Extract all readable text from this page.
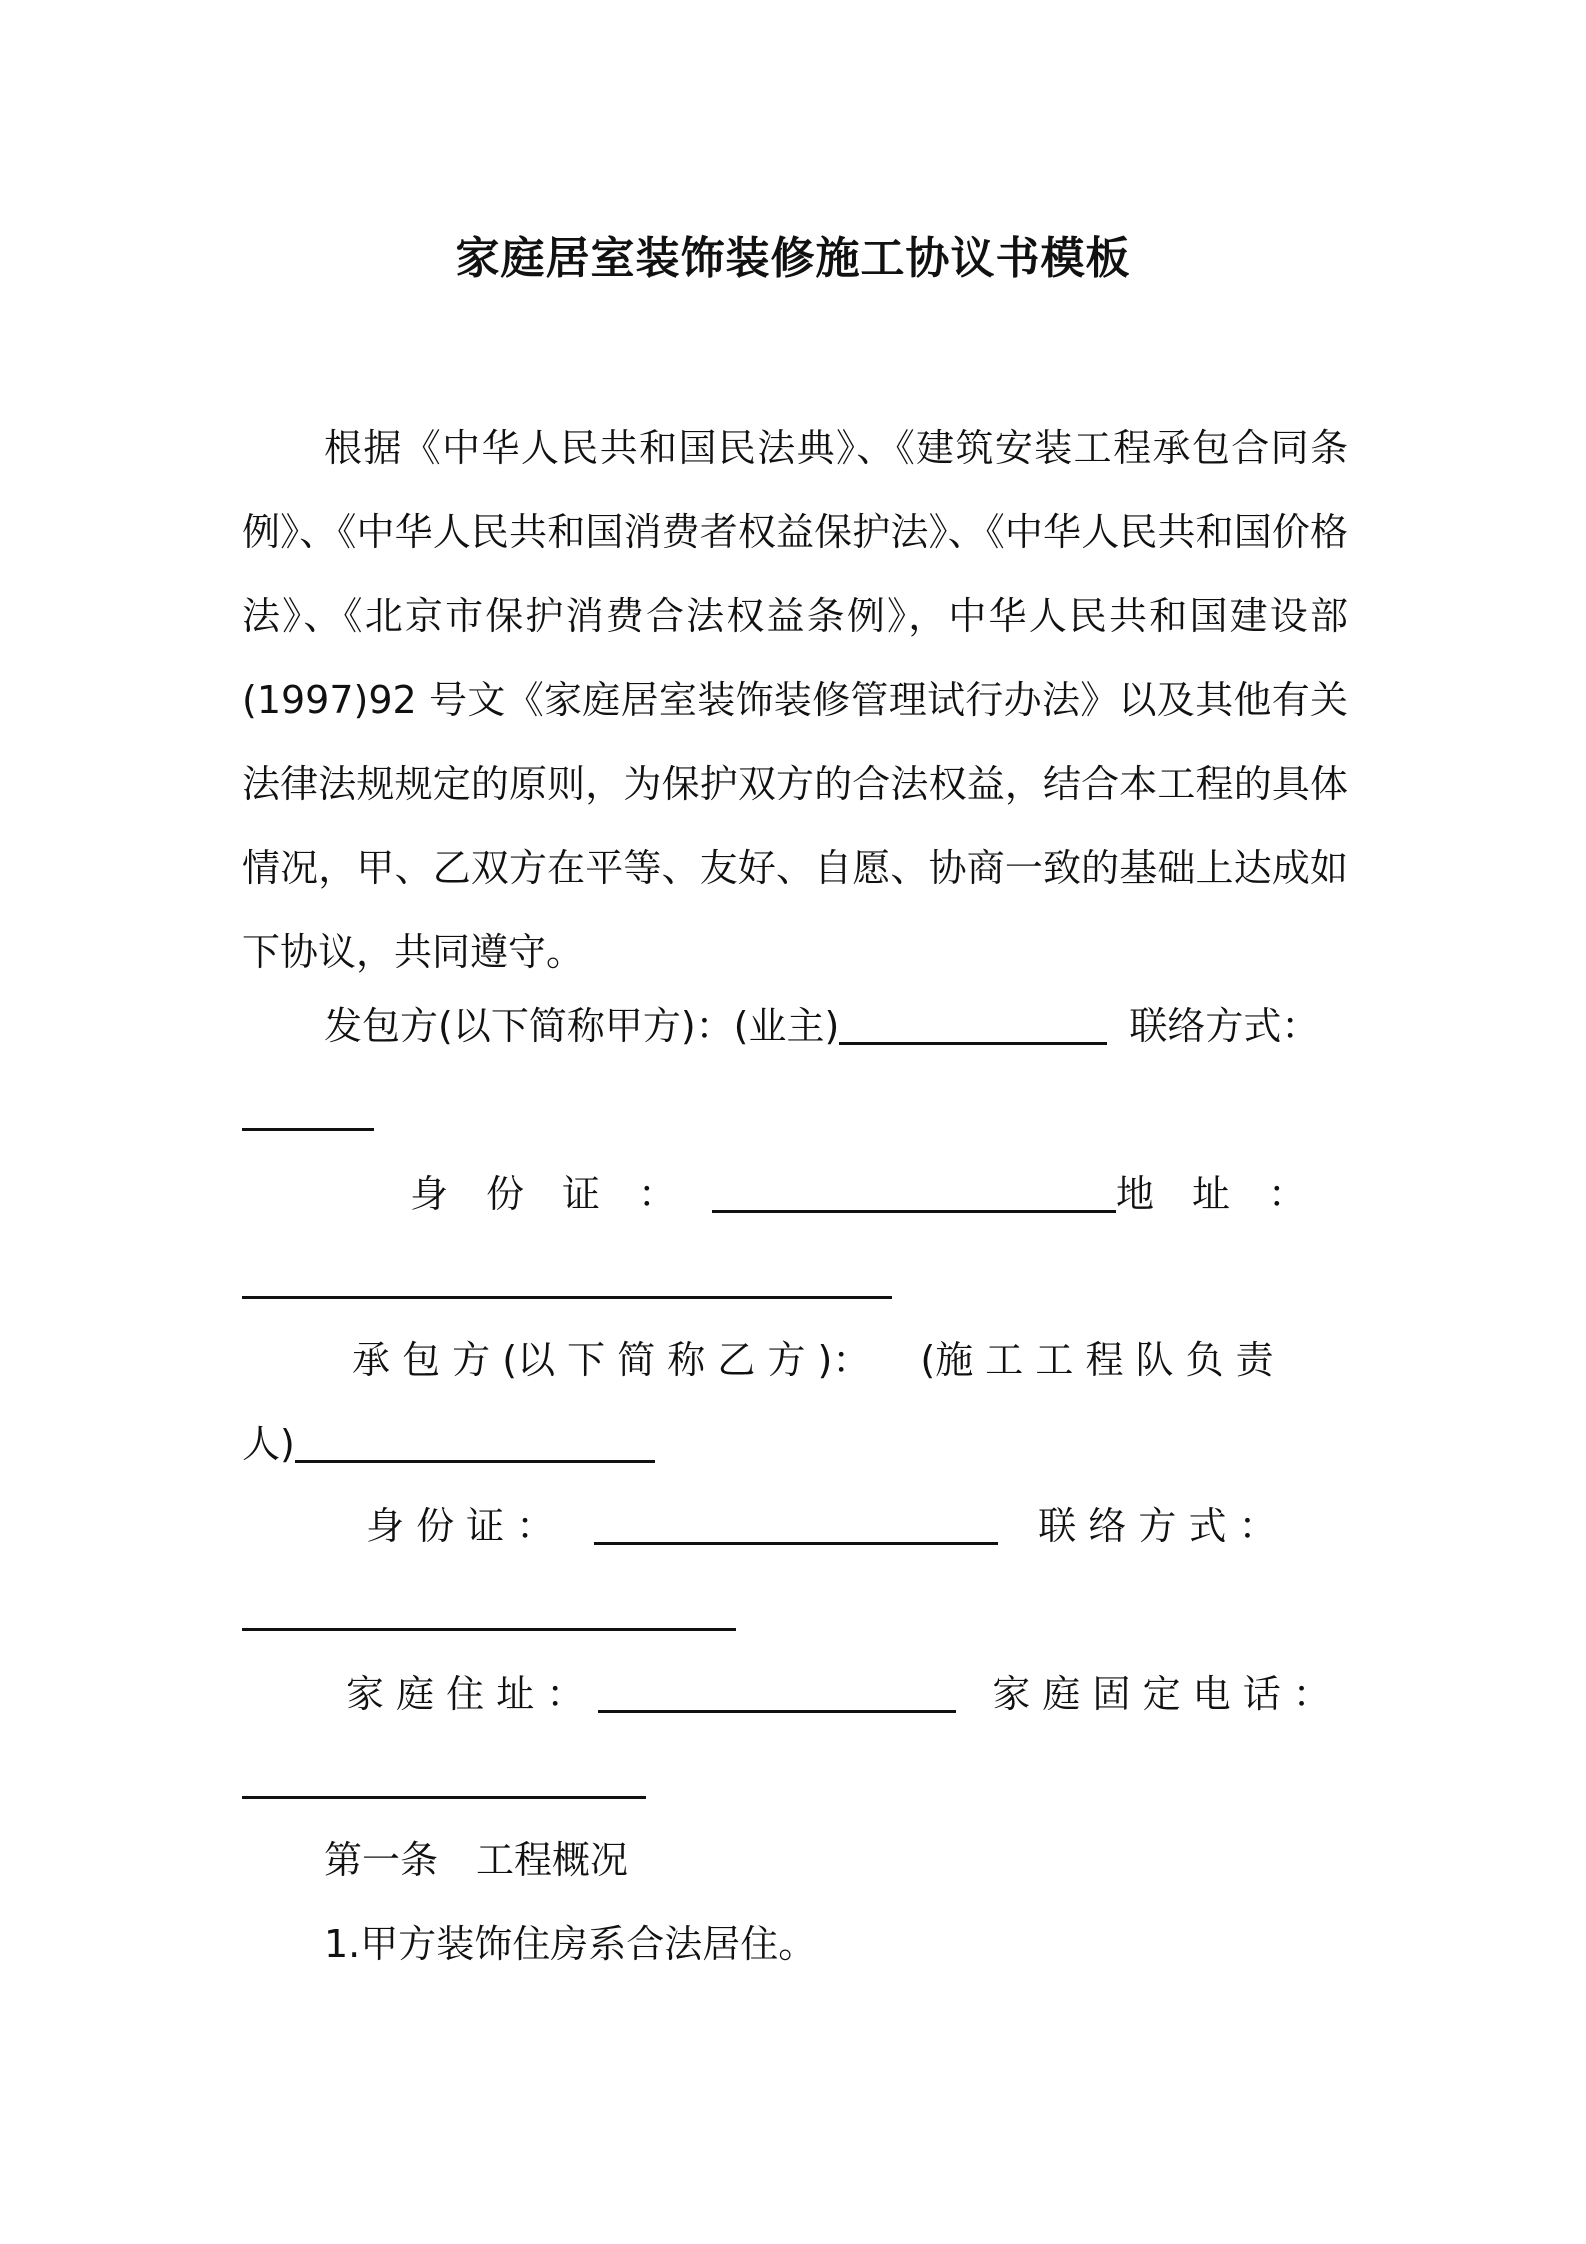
家庭居室装饰装修施工协议书模板

根据《中华人民共和国民法典》、《建筑安装工程承包合同条例》、《中华人民共和国消费者权益保护法》、《中华人民共和国价格法》、《北京市保护消费合法权益条例》，中华人民共和国建设部(1997)92 号文《家庭居室装饰装修管理试行办法》以及其他有关法律法规规定的原则，为保护双方的合法权益，结合本工程的具体情况，甲、乙双方在平等、友好、自愿、协商一致的基础上达成如下协议，共同遵守。

发包方(以下简称甲方)：(业主)	联络方式：
身　份　证　：	地　址　：
承 包 方 (以 下 简 称 乙 方 )： (施 工 工 程 队 负 责
人)
身 份 证 ：	联 络 方 式 ：
家 庭 住 址 ：	家 庭 固 定 电 话 ：
第一条　工程概况
1.甲方装饰住房系合法居住。
